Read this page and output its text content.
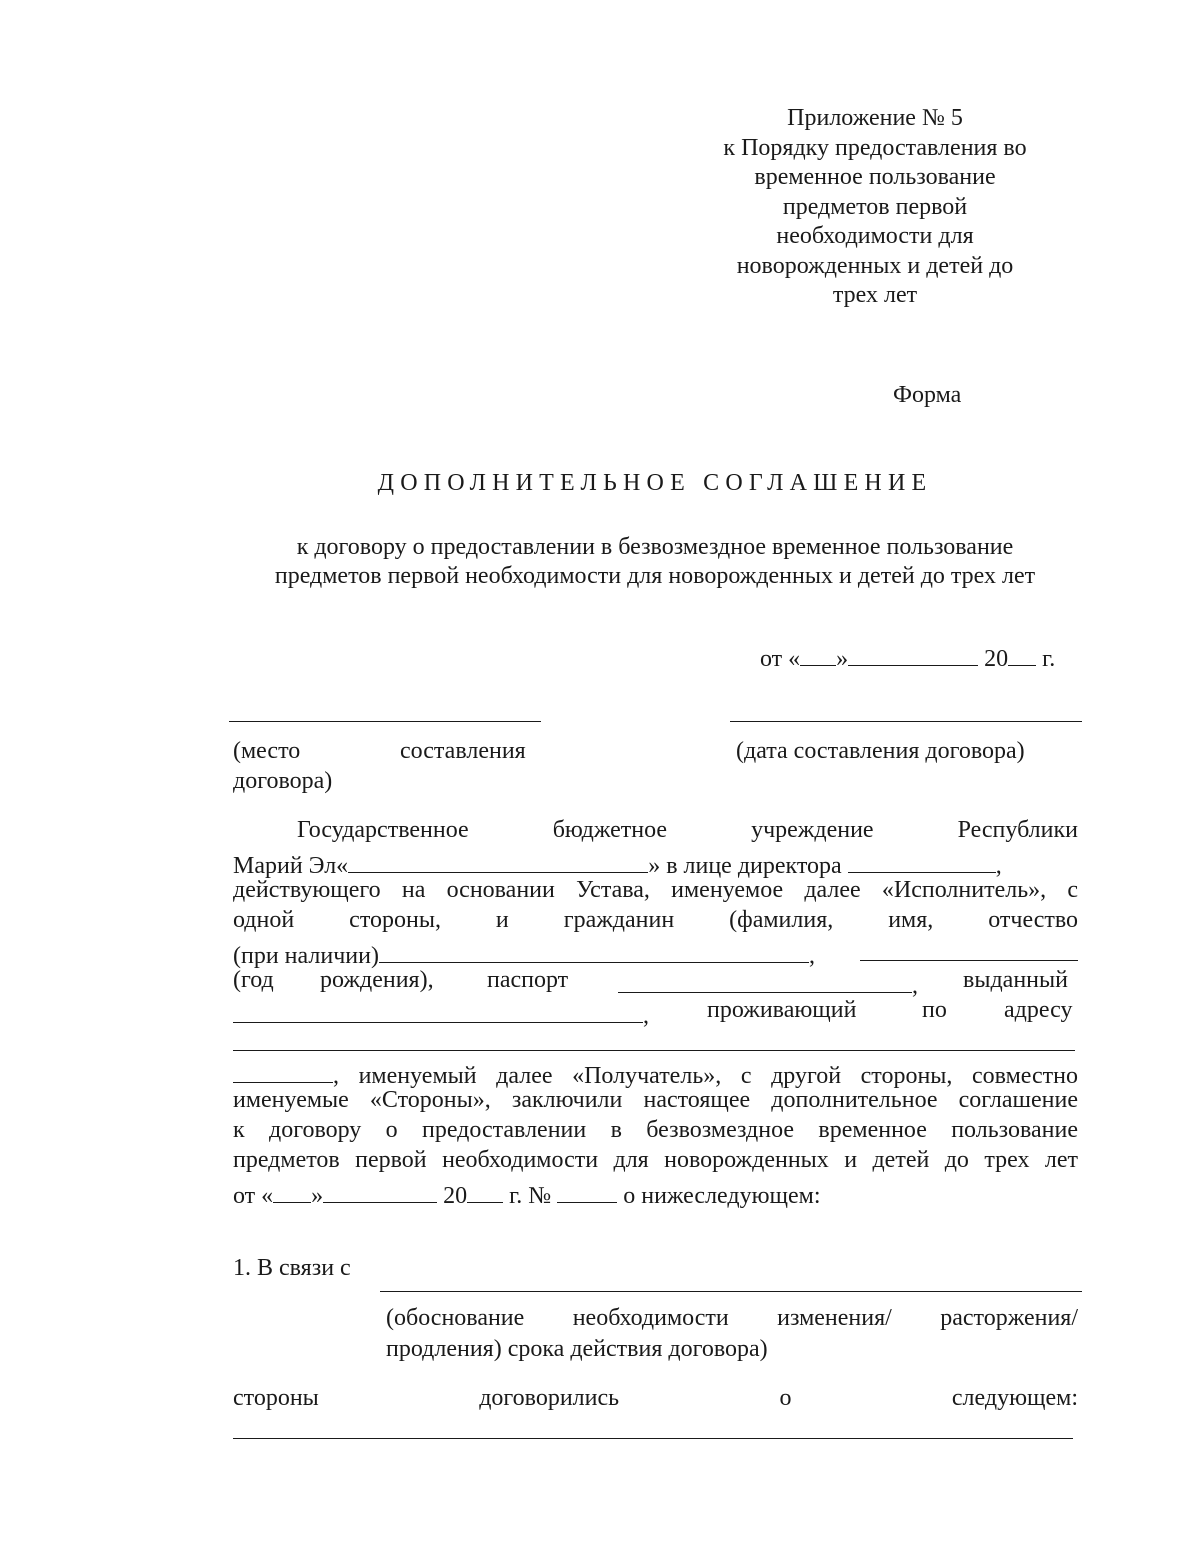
Приложение № 5
к Порядку предоставления во
временное пользование
предметов первой
необходимости для
новорожденных и детей до
трех лет
Форма
ДОПОЛНИТЕЛЬНОЕ СОГЛАШЕНИЕ
к договору о предоставлении в безвозмездное временное пользование
предметов первой необходимости для новорожденных и детей до трех лет
от « »	20 г.
(место	составления
договора)
(дата составления договора)
Государственное	бюджетное	учреждение	Республики
Марий Эл«	» в лице директора	,
действующего на основании Устава, именуемое далее «Исполнитель», с
одной стороны, и гражданин (фамилия, имя, отчество
(при наличии)	,
(год рождения), паспорт	, выданный
, проживающий	по адресу
, именуемый далее «Получатель», с другой стороны, совместно
именуемые «Стороны», заключили настоящее дополнительное соглашение
к договору о предоставлении в безвозмездное временное пользование
предметов первой необходимости для новорожденных и детей до трех лет
от « »	20 г. №	о нижеследующем:
1. В связи с
(обоснование необходимости изменения/ расторжения/
продления) срока действия договора)
стороны	договорились	о	следующем:
